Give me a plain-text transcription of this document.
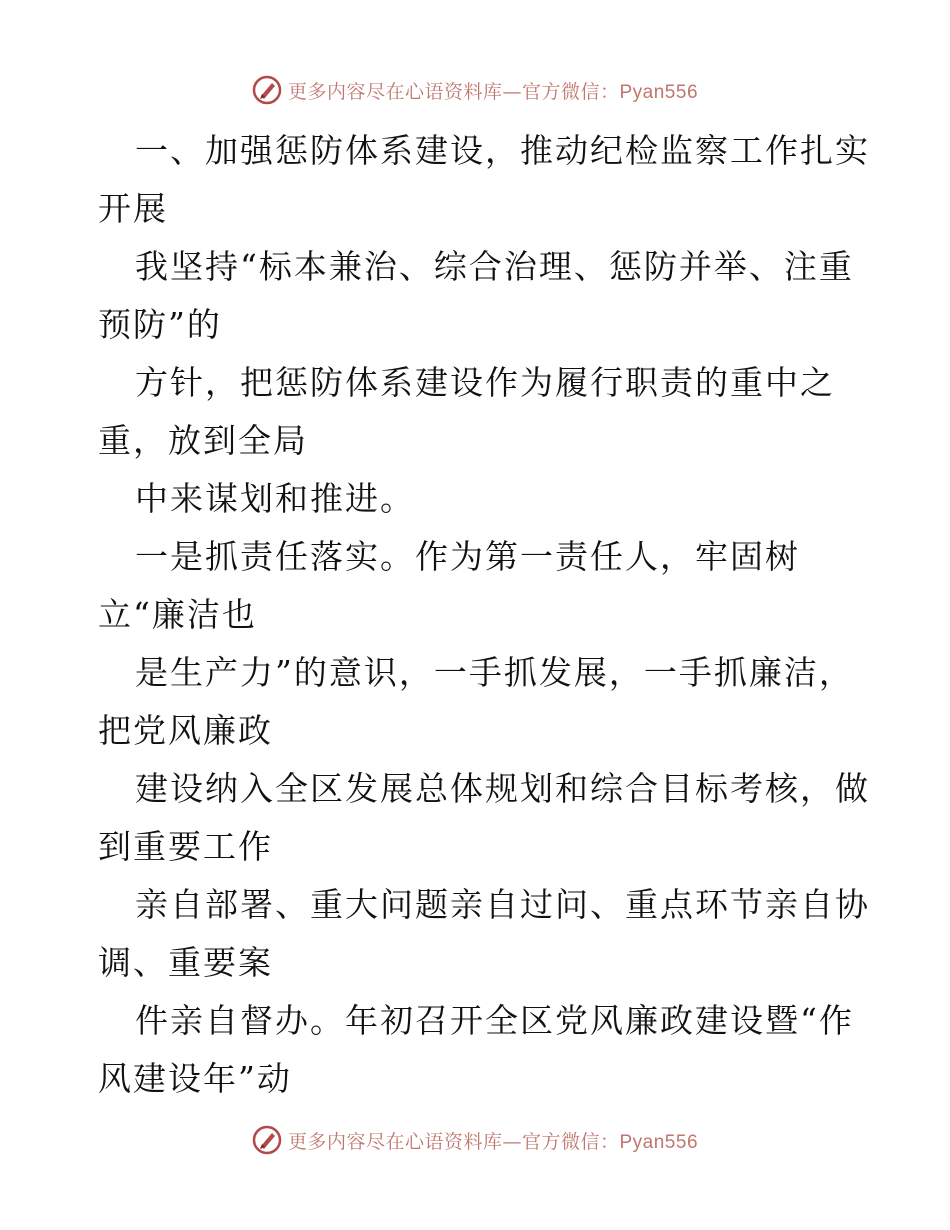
更多内容尽在心语资料库—官方微信：Pyan556
一、加强惩防体系建设，推动纪检监察工作扎实
开展
我坚持“标本兼治、综合治理、惩防并举、注重
预防”的
方针，把惩防体系建设作为履行职责的重中之
重，放到全局
中来谋划和推进。
一是抓责任落实。作为第一责任人，牢固树
立“廉洁也
是生产力”的意识，一手抓发展，一手抓廉洁，
把党风廉政
建设纳入全区发展总体规划和综合目标考核，做
到重要工作
亲自部署、重大问题亲自过问、重点环节亲自协
调、重要案
件亲自督办。年初召开全区党风廉政建设暨“作
风建设年”动
更多内容尽在心语资料库—官方微信：Pyan556
